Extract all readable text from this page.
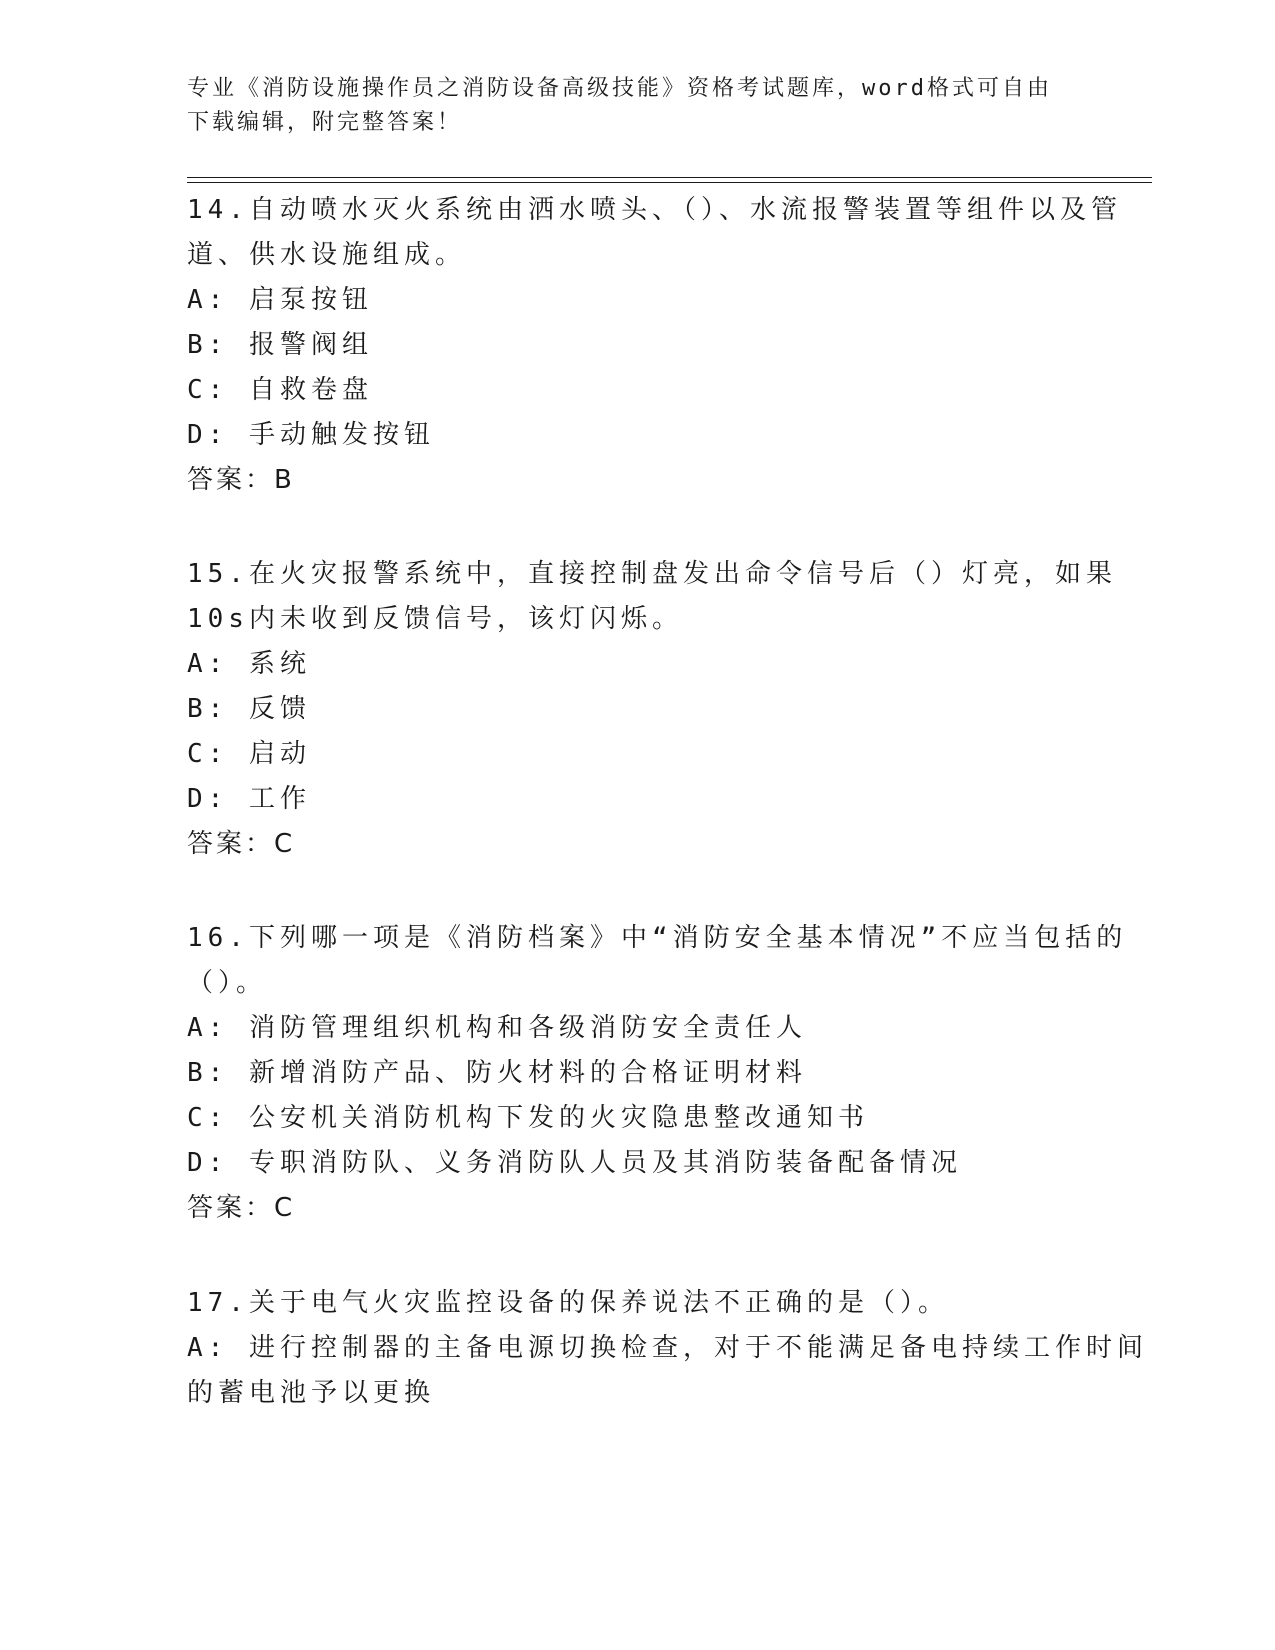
专业《消防设施操作员之消防设备高级技能》资格考试题库，word格式可自由下载编辑，附完整答案！
14.自动喷水灭火系统由洒水喷头、（）、水流报警装置等组件以及管
道、供水设施组成。
A: 启泵按钮
B: 报警阀组
C: 自救卷盘
D: 手动触发按钮
答案：B
15.在火灾报警系统中，直接控制盘发出命令信号后（）灯亮，如果
10s内未收到反馈信号，该灯闪烁。
A: 系统
B: 反馈
C: 启动
D: 工作
答案：C
16.下列哪一项是《消防档案》中“消防安全基本情况”不应当包括的
（）。
A: 消防管理组织机构和各级消防安全责任人
B: 新增消防产品、防火材料的合格证明材料
C: 公安机关消防机构下发的火灾隐患整改通知书
D: 专职消防队、义务消防队人员及其消防装备配备情况
答案：C
17.关于电气火灾监控设备的保养说法不正确的是（）。
A: 进行控制器的主备电源切换检查，对于不能满足备电持续工作时间
的蓄电池予以更换
